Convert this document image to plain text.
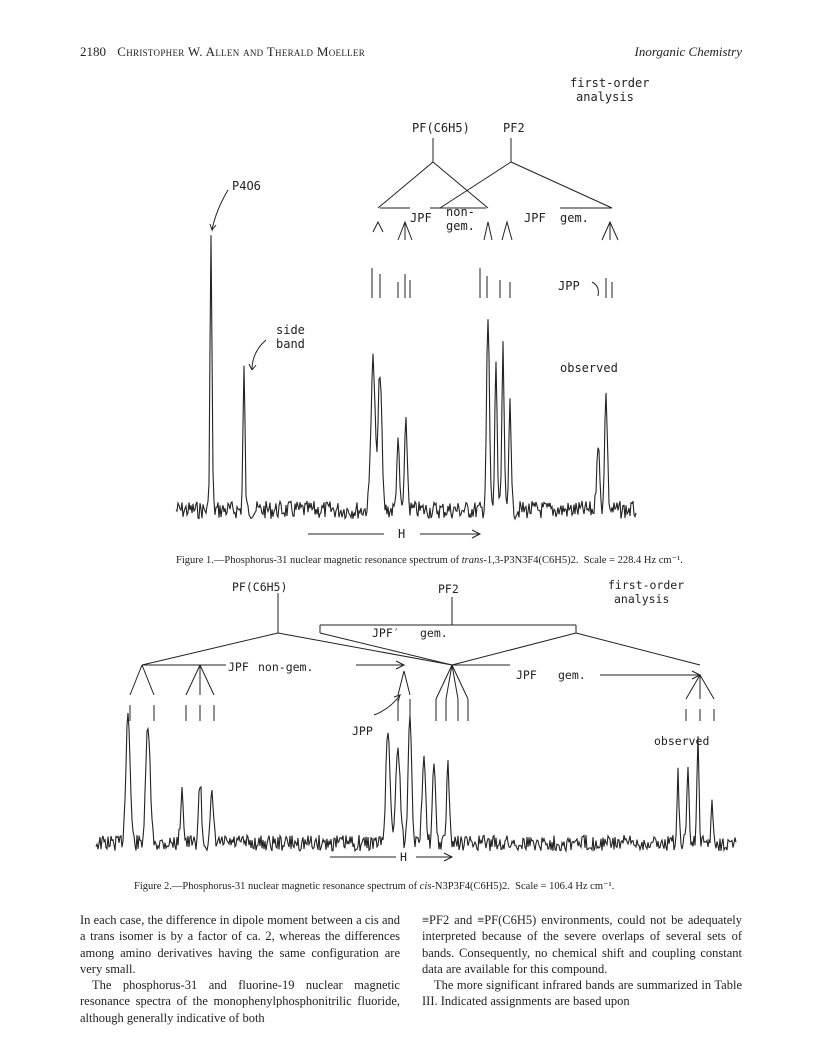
2180 Christopher W. Allen and Therald Moeller	Inorganic Chemistry
PF(C6H5)	PF2
first-order
analysis
P4O6
JPF non-
gem.
JPF gem.
JPP
side
band
observed
H
Figure 1.—Phosphorus-31 nuclear magnetic resonance spectrum of trans-1,3-P3N3F4(C6H5)2. Scale = 228.4 Hz cm⁻¹.
PF(C6H5)	PF2	first-order
analysis
JPF′ gem.
JPF non-gem.
JPF gem.
JPP
observed
H
Figure 2.—Phosphorus-31 nuclear magnetic resonance spectrum of cis-N3P3F4(C6H5)2. Scale = 106.4 Hz cm⁻¹.

In each case, the difference in dipole moment between a cis and a trans isomer is by a factor of ca. 2, whereas the differences among amino derivatives having the same configuration are very small.

The phosphorus-31 and fluorine-19 nuclear magnetic resonance spectra of the monophenylphosphonitrilic fluoride, although generally indicative of both

≡PF2 and ≡PF(C6H5) environments, could not be adequately interpreted because of the severe overlaps of several sets of bands. Consequently, no chemical shift and coupling constant data are available for this compound.

The more significant infrared bands are summarized in Table III. Indicated assignments are based upon
